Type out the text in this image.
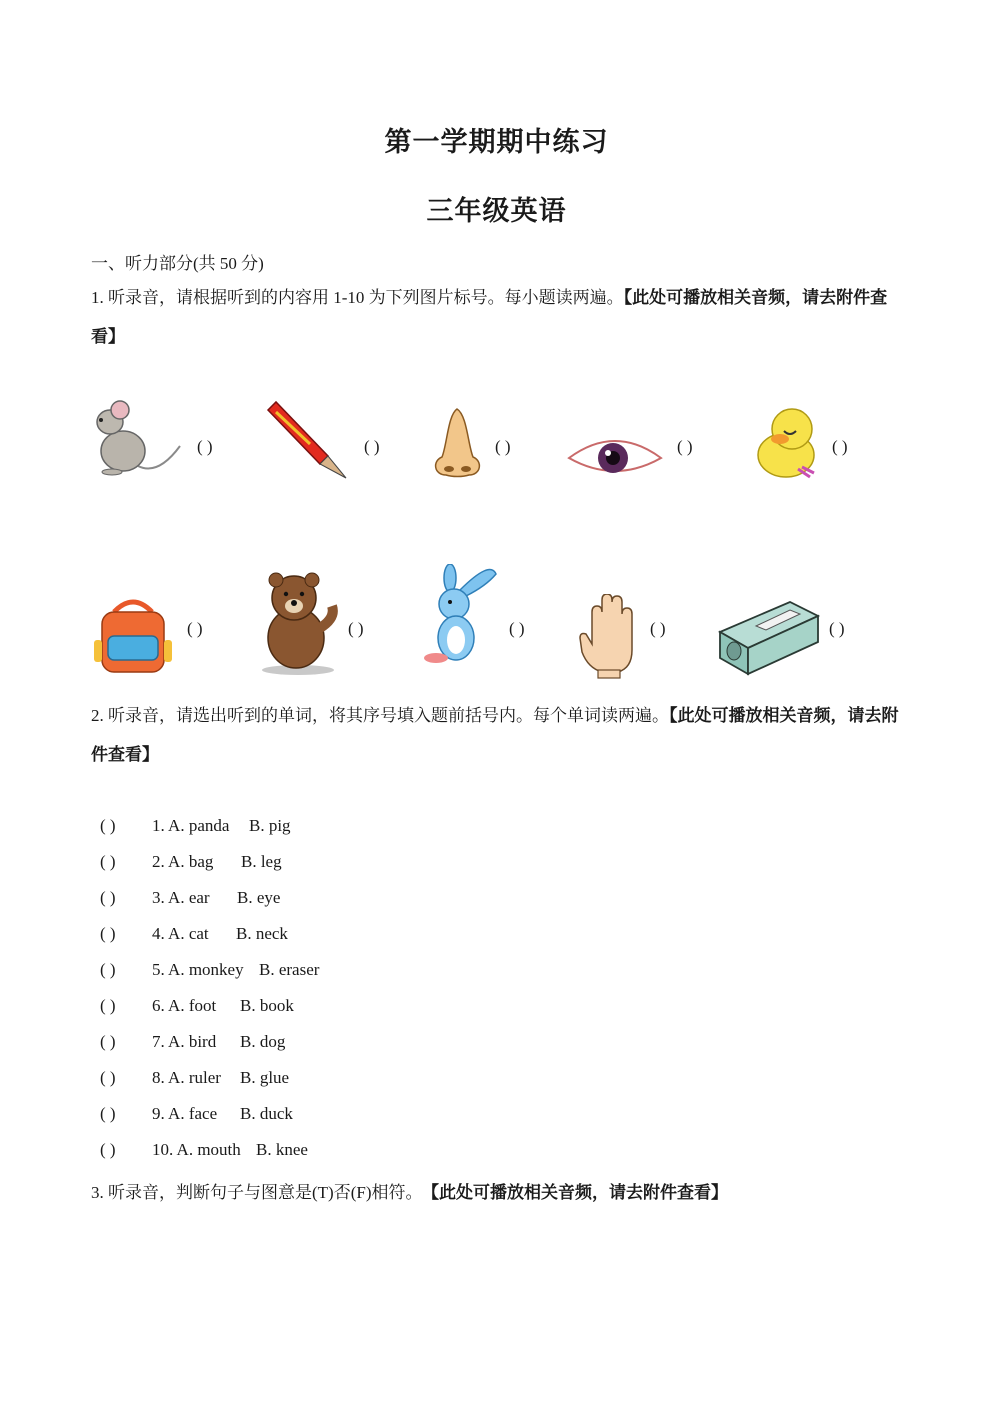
第一学期期中练习
三年级英语
一、听力部分(共 50 分)
1. 听录音，请根据听到的内容用 1-10 为下列图片标号。每小题读两遍。【此处可播放相关音频，请去附件查看】
( )	( )	( )	( )	( )
( )	( )	( )	( )	( )
2. 听录音，请选出听到的单词，将其序号填入题前括号内。每个单词读两遍。【此处可播放相关音频，请去附件查看】
( ) 1. A. panda B. pig
( ) 2. A. bag B. leg
( ) 3. A. ear B. eye
( ) 4. A. cat B. neck
( ) 5. A. monkey B. eraser
( ) 6. A. foot B. book
( ) 7. A. bird B. dog
( ) 8. A. ruler B. glue
( ) 9. A. face B. duck
( ) 10. A. mouth B. knee
3. 听录音，判断句子与图意是(T)否(F)相符。 【此处可播放相关音频，请去附件查看】
